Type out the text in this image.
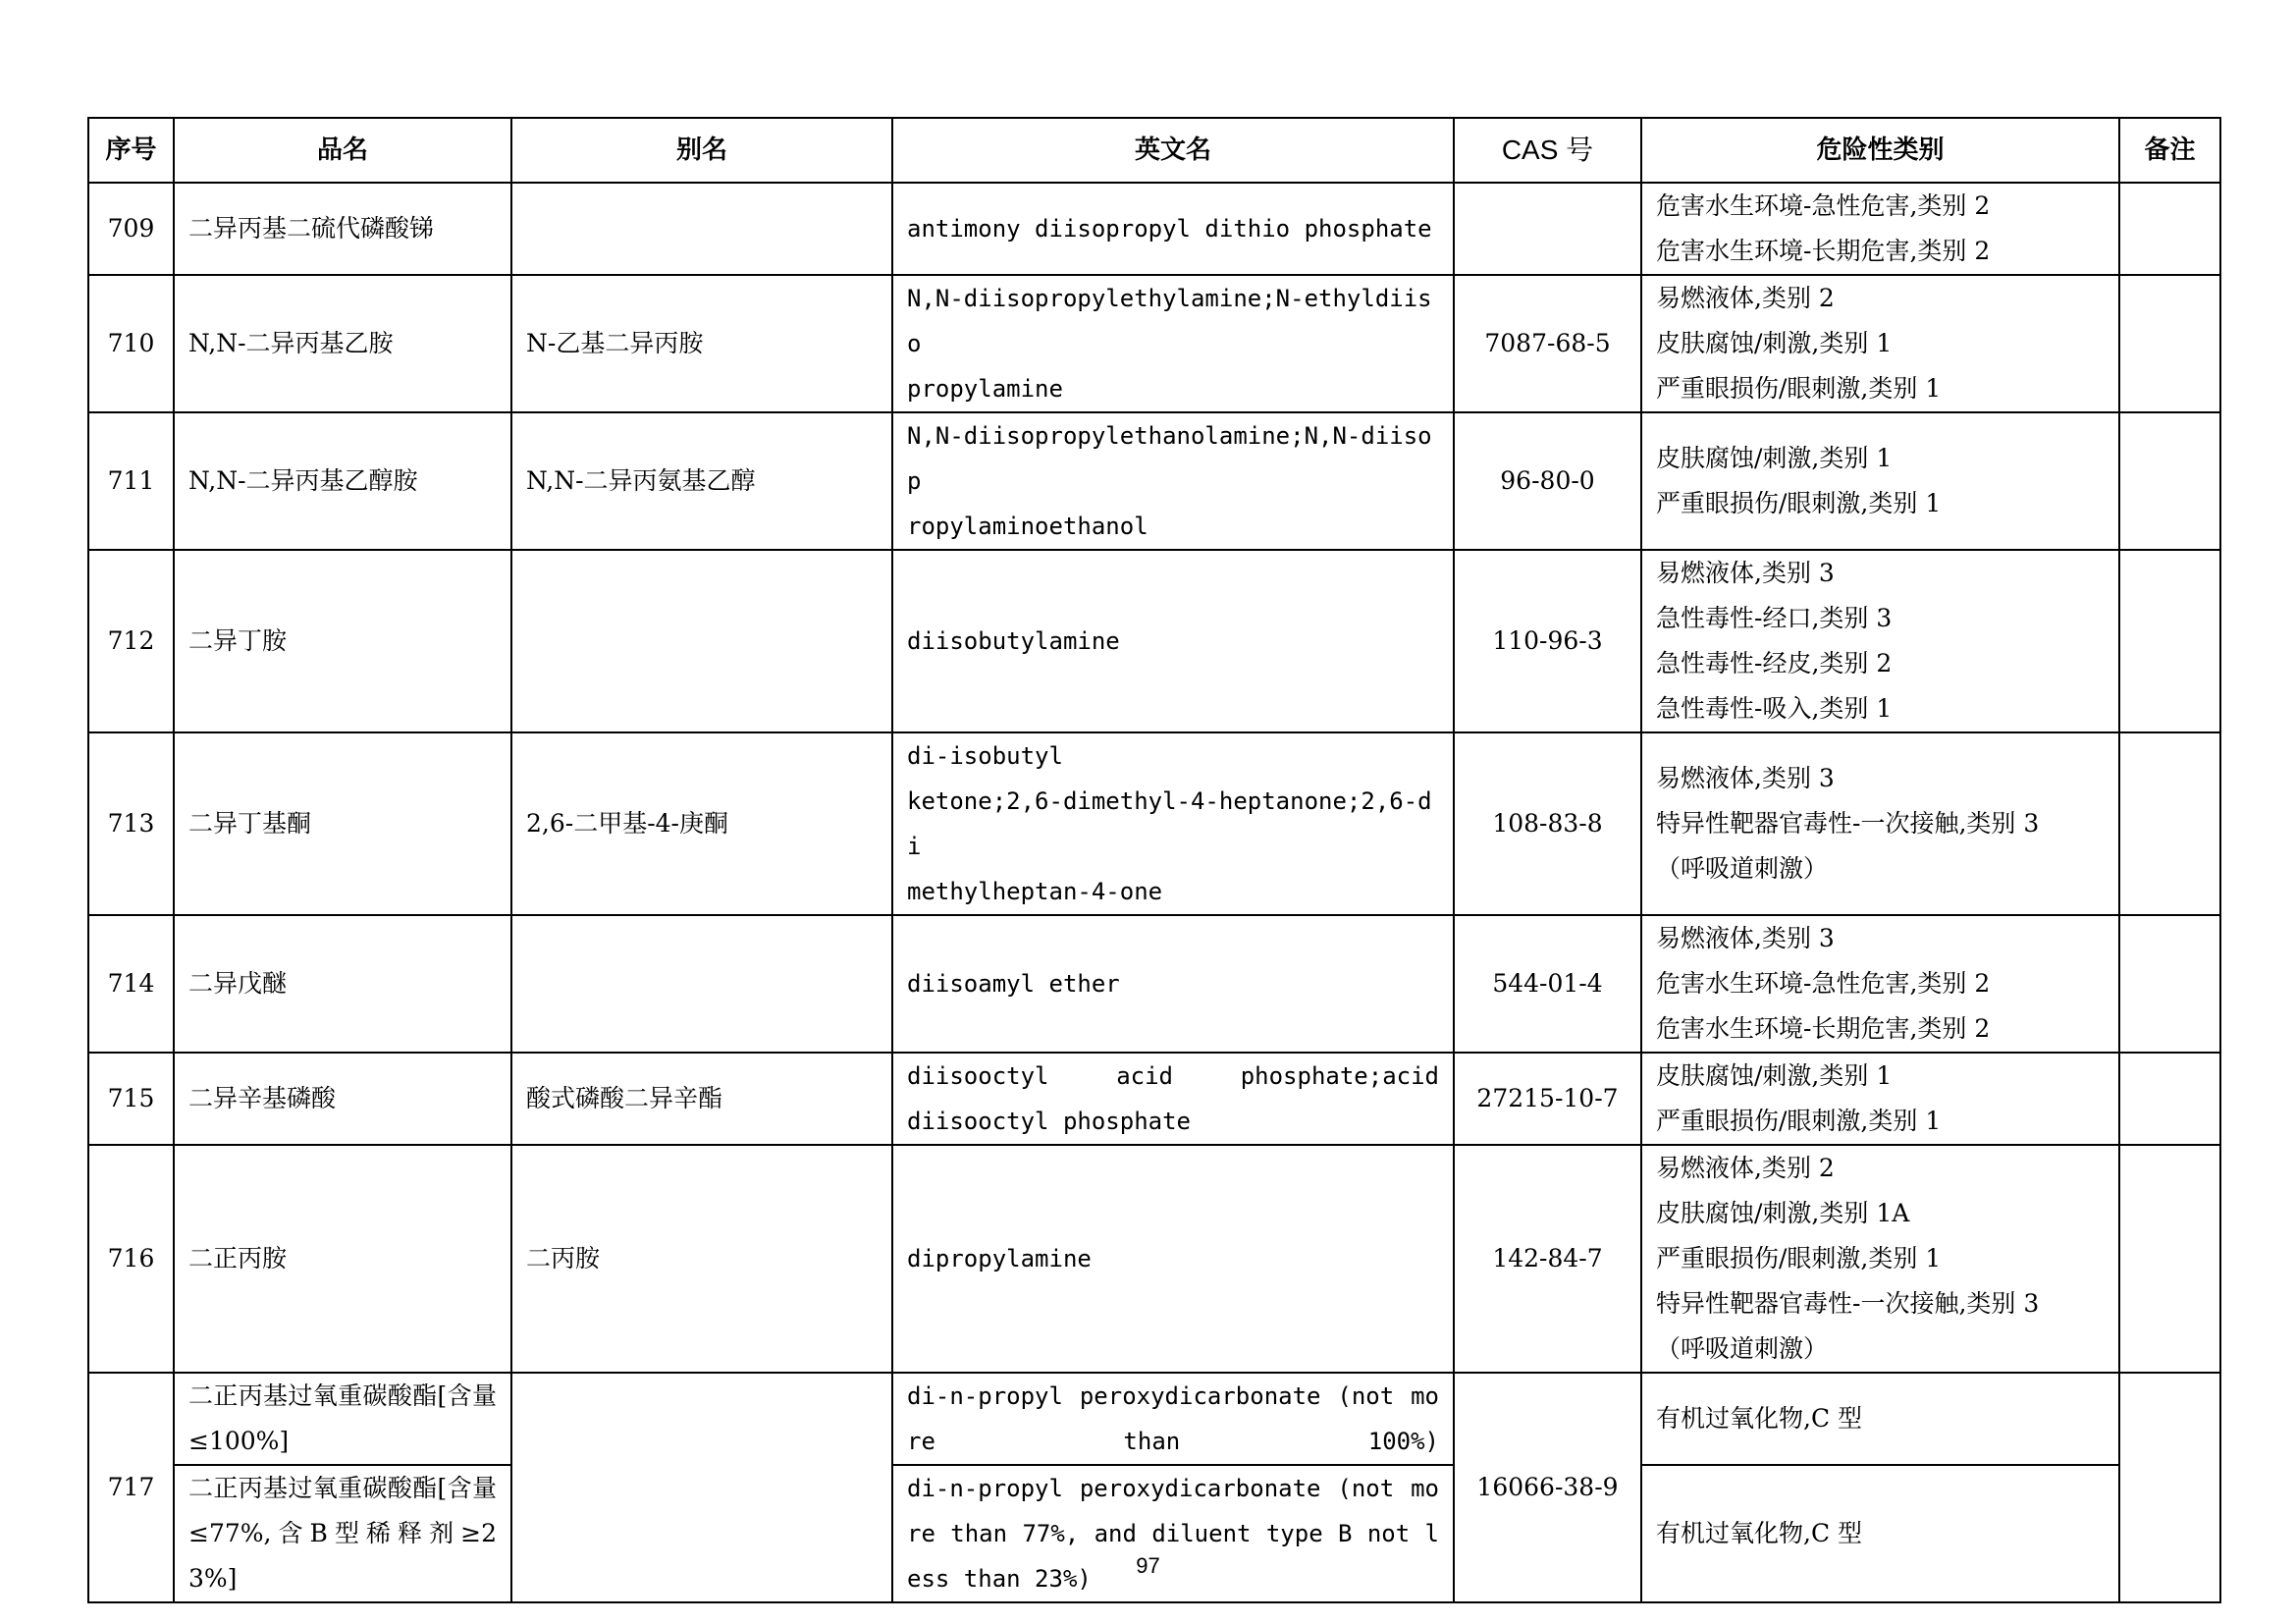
序号	品名	别名	英文名	CAS 号	危险性类别	备注
709	二异丙基二硫代磷酸锑		antimony diisopropyl dithio phosphate		危害水生环境-急性危害,类别 2
危害水生环境-长期危害,类别 2	

710	N,N-二异丙基乙胺	N-乙基二异丙胺	N,N-diisopropylethylamine;N-ethyldiiso
propylamine	7087-68-5	易燃液体,类别 2
皮肤腐蚀/刺激,类别 1
严重眼损伤/眼刺激,类别 1	

711	N,N-二异丙基乙醇胺	N,N-二异丙氨基乙醇	N,N-diisopropylethanolamine;N,N-diisop
ropylaminoethanol	96-80-0	皮肤腐蚀/刺激,类别 1
严重眼损伤/眼刺激,类别 1	

712	二异丁胺		diisobutylamine	110-96-3	易燃液体,类别 3
急性毒性-经口,类别 3
急性毒性-经皮,类别 2
急性毒性-吸入,类别 1	

713	二异丁基酮	2,6-二甲基-4-庚酮	di-isobutyl
ketone;2,6-dimethyl-4-heptanone;2,6-di
methylheptan-4-one	108-83-8	易燃液体,类别 3
特异性靶器官毒性-一次接触,类别 3
（呼吸道刺激）	

714	二异戊醚		diisoamyl ether	544-01-4	易燃液体,类别 3
危害水生环境-急性危害,类别 2
危害水生环境-长期危害,类别 2	

715	二异辛基磷酸	酸式磷酸二异辛酯	diisooctyl acid phosphate;acid
diisooctyl phosphate	27215-10-7	皮肤腐蚀/刺激,类别 1
严重眼损伤/眼刺激,类别 1	

716	二正丙胺	二丙胺	dipropylamine	142-84-7	易燃液体,类别 2
皮肤腐蚀/刺激,类别 1A
严重眼损伤/眼刺激,类别 1
特异性靶器官毒性-一次接触,类别 3
（呼吸道刺激）	

717	二正丙基过氧重碳酸酯[含量≤100%]		di-n-propyl peroxydicarbonate (not more than 100%)	16066-38-9	有机过氧化物,C 型	
	二正丙基过氧重碳酸酯[含量≤77%,含B型稀释剂≥23%]		di-n-propyl peroxydicarbonate (not more than 77%, and diluent type B not less than 23%)		有机过氧化物,C 型	
97
